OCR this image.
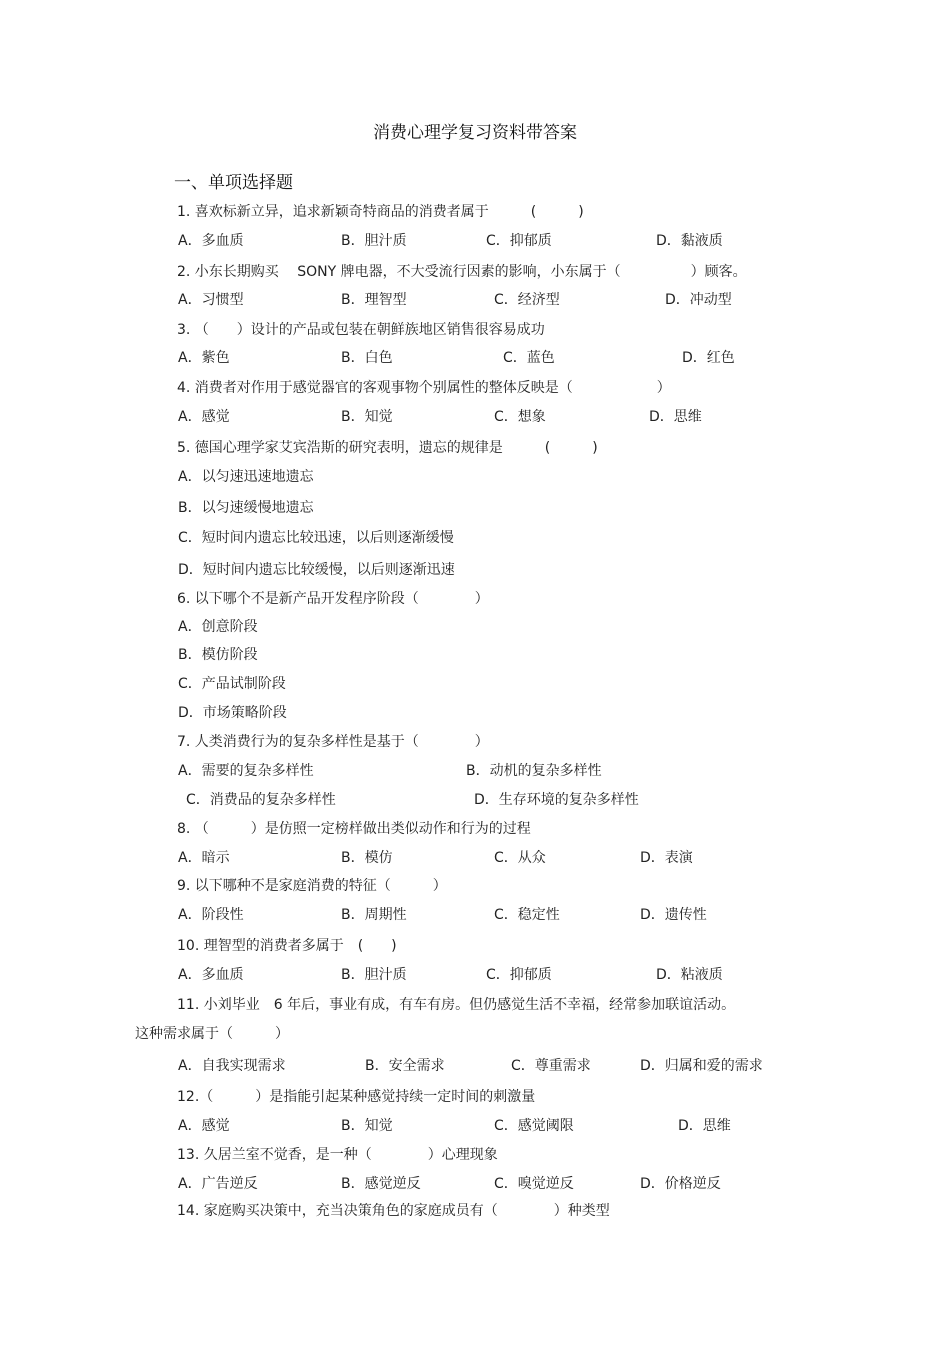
消费心理学复习资料带答案
一、单项选择题
1. 喜欢标新立异，追求新颖奇特商品的消费者属于　　　(　　　)
A．多血质	B．胆汁质	C．抑郁质	D．黏液质
2. 小东长期购买　 SONY 牌电器，不大受流行因素的影响，小东属于（　　　　　）顾客。
A．习惯型	B．理智型	C．经济型	D．冲动型
3. （　　）设计的产品或包装在朝鲜族地区销售很容易成功
A．紫色	B．白色	C．蓝色	D．红色
4. 消费者对作用于感觉器官的客观事物个别属性的整体反映是（　　　　　　）
A．感觉	B．知觉	C．想象	D．思维
5. 德国心理学家艾宾浩斯的研究表明，遗忘的规律是　　　(　　　)
A．以匀速迅速地遗忘
B．以匀速缓慢地遗忘
C．短时间内遗忘比较迅速，以后则逐渐缓慢
D．短时间内遗忘比较缓慢，以后则逐渐迅速
6. 以下哪个不是新产品开发程序阶段（　　　　）
A．创意阶段
B．模仿阶段
C．产品试制阶段
D．市场策略阶段
7. 人类消费行为的复杂多样性是基于（　　　　）
A．需要的复杂多样性	B．动机的复杂多样性
C．消费品的复杂多样性	D．生存环境的复杂多样性
8. （　　　）是仿照一定榜样做出类似动作和行为的过程
A．暗示	B．模仿	C．从众	D．表演
9. 以下哪种不是家庭消费的特征（　　　）
A．阶段性	B．周期性	C．稳定性	D．遗传性
10. 理智型的消费者多属于　(　　)
A．多血质	B．胆汁质	C．抑郁质	D．粘液质
11. 小刘毕业　6 年后，事业有成，有车有房。但仍感觉生活不幸福，经常参加联谊活动。
这种需求属于（　　　）
A．自我实现需求	B．安全需求	C．尊重需求	D．归属和爱的需求
12.（　　　）是指能引起某种感觉持续一定时间的刺激量
A．感觉	B．知觉	C．感觉阈限	D．思维
13. 久居兰室不觉香，是一种（　　　　）心理现象
A．广告逆反	B．感觉逆反	C．嗅觉逆反	D．价格逆反
14. 家庭购买决策中，充当决策角色的家庭成员有（　　　　）种类型
